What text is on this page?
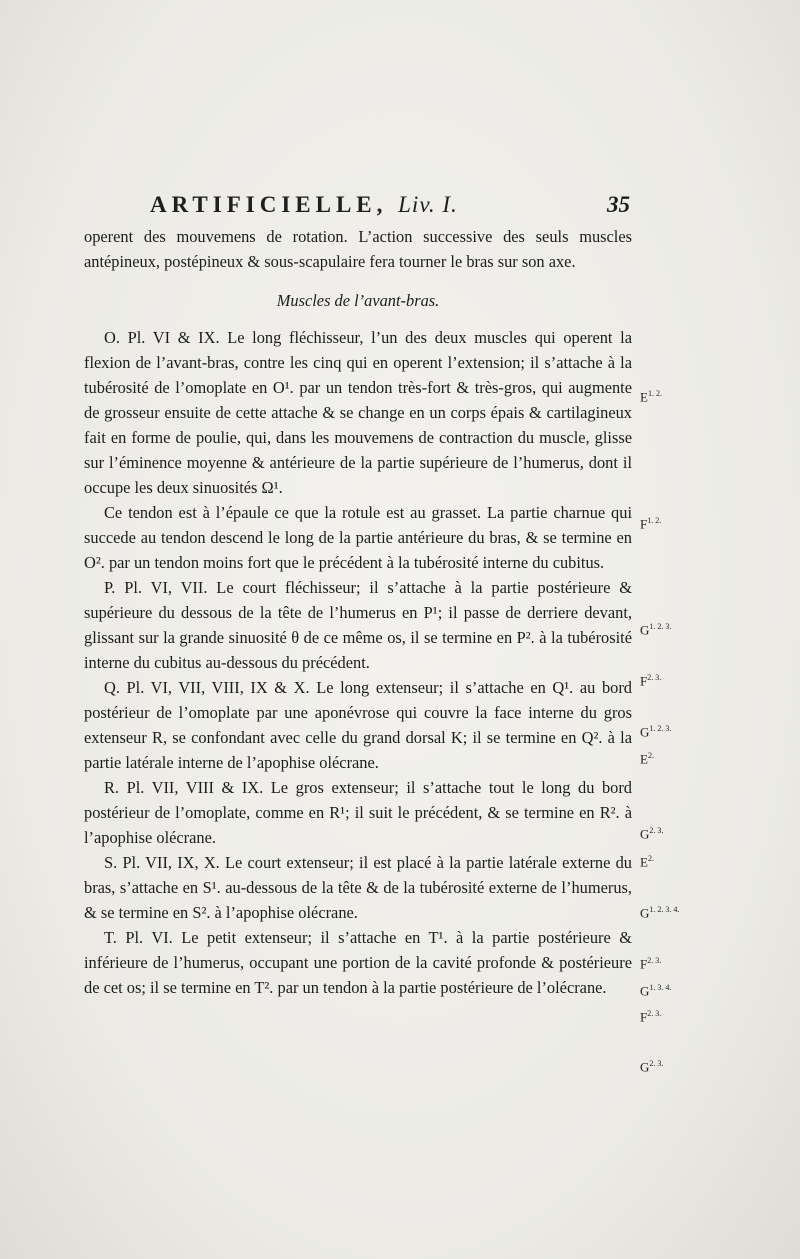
ARTIFICIELLE, Liv. I.	35

operent des mouvemens de rotation. L’action successive des seuls muscles antépineux, postépineux & sous-scapulaire fera tourner le bras sur son axe.

Muscles de l’avant-bras.

O. Pl. VI & IX. Le long fléchisseur, l’un des deux muscles qui operent la flexion de l’avant-bras, contre les cinq qui en operent l’extension; il s’attache à la tubérosité de l’omoplate en O¹. par un tendon très-fort & très-gros, qui augmente de grosseur ensuite de cette attache & se change en un corps épais & cartilagineux fait en forme de poulie, qui, dans les mouvemens de contraction du muscle, glisse sur l’éminence moyenne & antérieure de la partie supérieure de l’humerus, dont il occupe les deux sinuosités Ω¹.

Ce tendon est à l’épaule ce que la rotule est au grasset. La partie charnue qui succede au tendon descend le long de la partie antérieure du bras, & se termine en O². par un tendon moins fort que le précédent à la tubérosité interne du cubitus.

P. Pl. VI, VII. Le court fléchisseur; il s’attache à la partie postérieure & supérieure du dessous de la tête de l’humerus en P¹; il passe de derriere devant, glissant sur la grande sinuosité θ de ce même os, il se termine en P². à la tubérosité interne du cubitus au-dessous du précédent.

Q. Pl. VI, VII, VIII, IX & X. Le long extenseur; il s’attache en Q¹. au bord postérieur de l’omoplate par une aponévrose qui couvre la face interne du gros extenseur R, se confondant avec celle du grand dorsal K; il se termine en Q². à la partie latérale interne de l’apophise olécrane.

R. Pl. VII, VIII & IX. Le gros extenseur; il s’attache tout le long du bord postérieur de l’omoplate, comme en R¹; il suit le précédent, & se termine en R². à l’apophise olécrane.

S. Pl. VII, IX, X. Le court extenseur; il est placé à la partie latérale externe du bras, s’attache en S¹. au-dessous de la tête & de la tubérosité externe de l’humerus, & se termine en S². à l’apophise olécrane.

T. Pl. VI. Le petit extenseur; il s’attache en T¹. à la partie postérieure & inférieure de l’humerus, occupant une portion de la cavité profonde & postérieure de cet os; il se termine en T². par un tendon à la partie postérieure de l’olécrane.

$E^{1. 2.}$
$F^{1. 2.}$
$G^{1. 2. 3.}$
$F^{2. 3.}$
$G^{1. 2. 3.}$
$E^{2.}$
$G^{2. 3.}$
$E^{2.}$
$G^{1. 2. 3. 4.}$
$F^{2. 3.}$
$G^{1. 3. 4.}$
$F^{2. 3.}$
$G^{2. 3.}$
